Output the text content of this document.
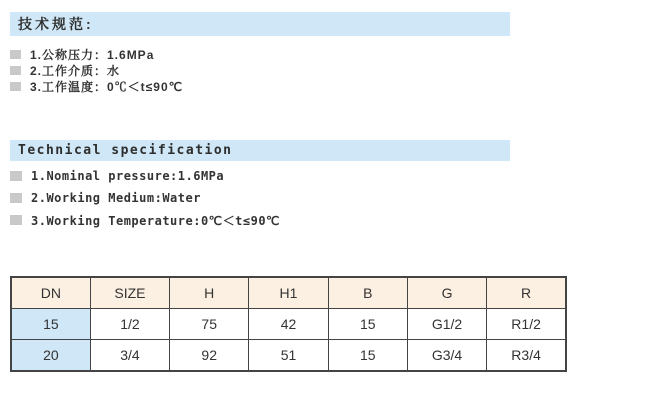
技术规范:
1.公称压力：1.6MPa
2.工作介质：水
3.工作温度：0℃＜t≤90℃
Technical specification
1.Nominal pressure:1.6MPa
2.Working Medium:Water
3.Working Temperature:0℃＜t≤90℃
DN	SIZE	H	H1	B	G	R
15	1/2	75	42	15	G1/2	R1/2
20	3/4	92	51	15	G3/4	R3/4
